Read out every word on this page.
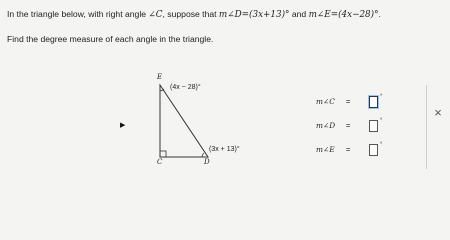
In the triangle below, with right angle ∠C, suppose that m∠D=(3x+13)° and m∠E=(4x−28)°.
Find the degree measure of each angle in the triangle.
E
C	D
(4x − 28)°
(3x + 13)°
▶
m∠C =	°
m∠D =	°
m∠E =	°
×
